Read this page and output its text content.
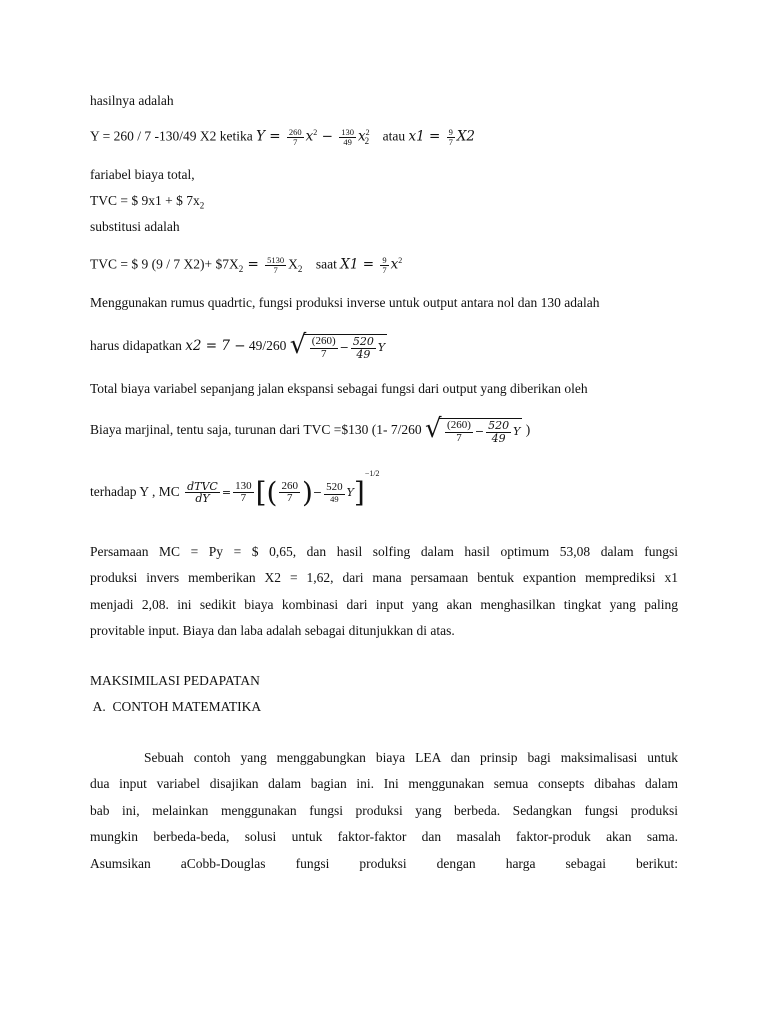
hasilnya adalah
Y = 260 / 7 -130/49 X2 ketika $Y = \frac{260}{7} x^2 - \frac{130}{49} x^2_2$ atau $x1 = \frac{9}{7} X2$
fariabel biaya total,
TVC = $ 9x1 + $ $7x_2$
substitusi adalah
TVC = $ 9 (9 / 7 $X2)+ \$7X_2 = \frac{5130}{7} X_2$ saat $X1 = \frac{9}{7} x^2$
Menggunakan rumus quadrtic, fungsi produksi inverse untuk output antara nol dan 130 adalah
harus didapatkan x2 = 7 − 49/260 √ $\frac{(260)}{7} - \frac{520}{49}$ Y
Total biaya variabel sepanjang jalan ekspansi sebagai fungsi dari output yang diberikan oleh
Biaya marjinal, tentu saja, turunan dari TVC =$130 (1- 7/260 √ $\frac{(260)}{7} - \frac{520}{49}$ Y )
terhadap Y , MC $\frac{\text{dTVC}}{dY} = \frac{130}{7}$ [( $\frac{260}{7}$ )− $\frac{520}{49} Y]^{-1/2}$
Persamaan MC = Py = $ 0,65, dan hasil solfing dalam hasil optimum 53,08 dalam fungsi
produksi invers memberikan X2 = 1,62, dari mana persamaan bentuk expantion memprediksi x1
menjadi 2,08. ini sedikit biaya kombinasi dari input yang akan menghasilkan tingkat yang paling
provitable input. Biaya dan laba adalah sebagai ditunjukkan di atas.
MAKSIMILASI PEDAPATAN
A.  CONTOH MATEMATIKA
Sebuah contoh yang menggabungkan biaya LEA dan prinsip bagi maksimalisasi untuk
dua input variabel disajikan dalam bagian ini. Ini menggunakan semua consepts dibahas dalam
bab ini, melainkan menggunakan fungsi produksi yang berbeda. Sedangkan fungsi produksi
mungkin berbeda-beda, solusi untuk faktor-faktor dan masalah faktor-produk akan sama.
Asumsikan aCobb-Douglas fungsi produksi dengan harga sebagai berikut:
